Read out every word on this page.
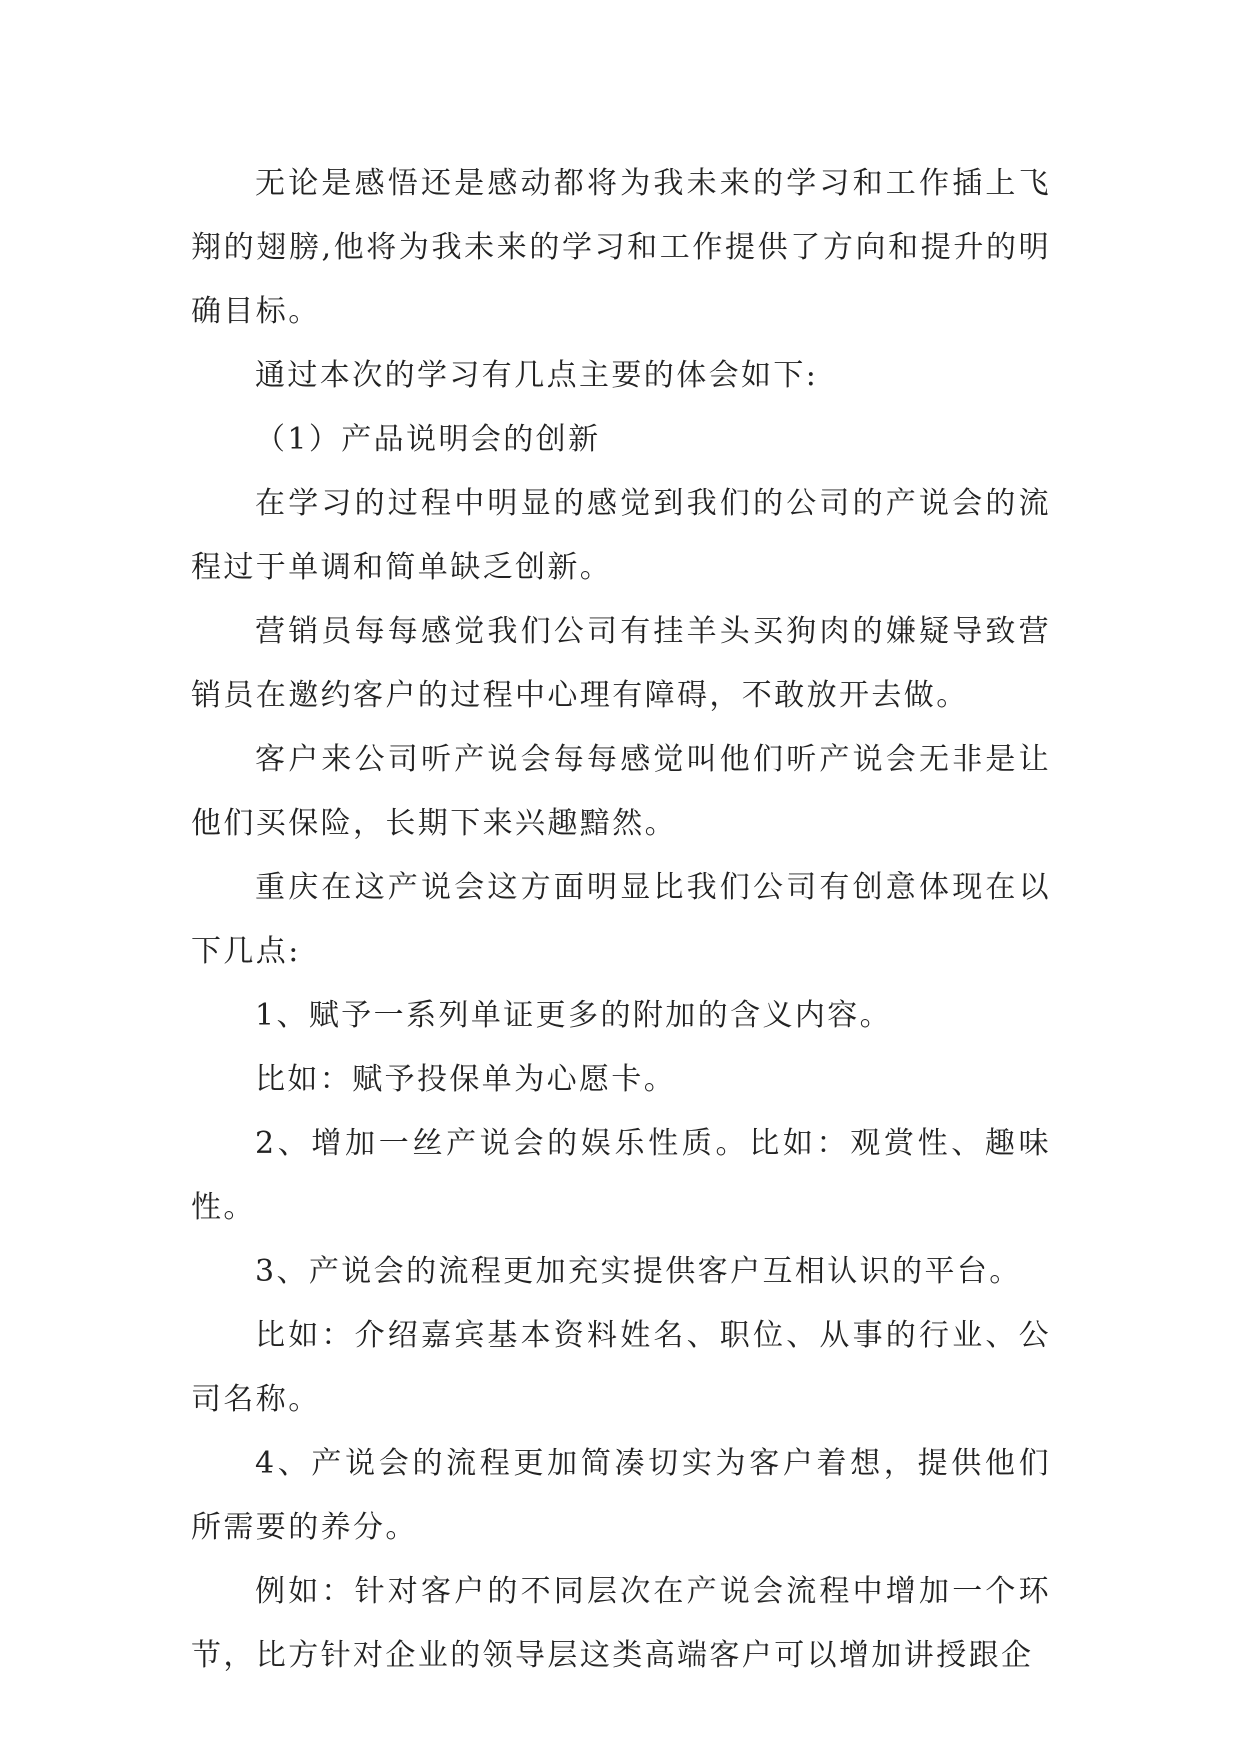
无论是感悟还是感动都将为我未来的学习和工作插上飞翔的翅膀,他将为我未来的学习和工作提供了方向和提升的明确目标。

通过本次的学习有几点主要的体会如下:

（1）产品说明会的创新

在学习的过程中明显的感觉到我们的公司的产说会的流程过于单调和简单缺乏创新。

营销员每每感觉我们公司有挂羊头买狗肉的嫌疑导致营销员在邀约客户的过程中心理有障碍，不敢放开去做。

客户来公司听产说会每每感觉叫他们听产说会无非是让他们买保险，长期下来兴趣黯然。

重庆在这产说会这方面明显比我们公司有创意体现在以下几点:

1、赋予一系列单证更多的附加的含义内容。

比如：赋予投保单为心愿卡。

2、增加一丝产说会的娱乐性质。比如：观赏性、趣味性。

3、产说会的流程更加充实提供客户互相认识的平台。

比如：介绍嘉宾基本资料姓名、职位、从事的行业、公司名称。

4、产说会的流程更加简凑切实为客户着想，提供他们所需要的养分。

例如：针对客户的不同层次在产说会流程中增加一个环节，比方针对企业的领导层这类高端客户可以增加讲授跟企
